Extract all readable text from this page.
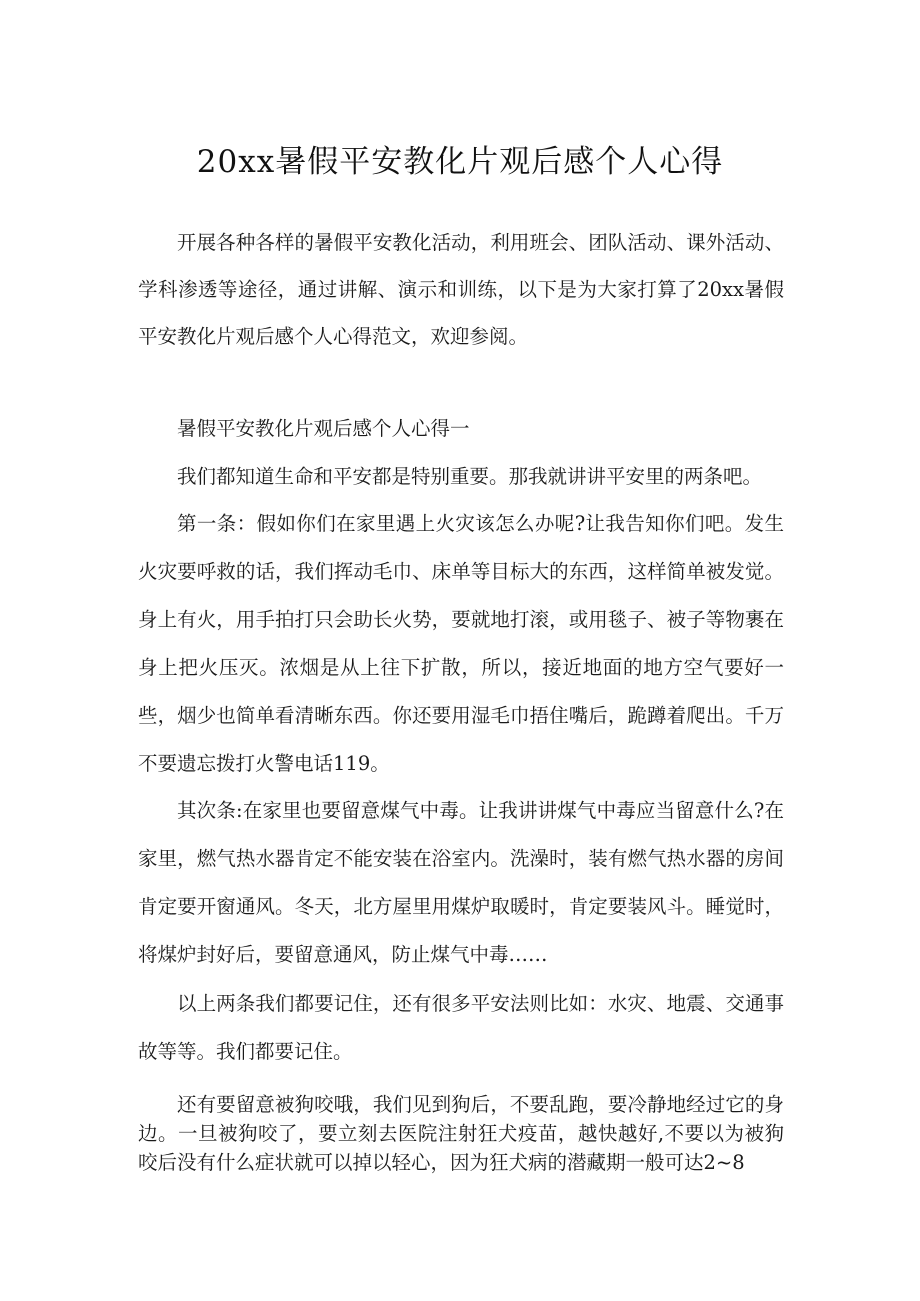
20xx暑假平安教化片观后感个人心得

开展各种各样的暑假平安教化活动，利用班会、团队活动、课外活动、学科渗透等途径，通过讲解、演示和训练，以下是为大家打算了20xx暑假平安教化片观后感个人心得范文，欢迎参阅。

暑假平安教化片观后感个人心得一

我们都知道生命和平安都是特别重要。那我就讲讲平安里的两条吧。

第一条：假如你们在家里遇上火灾该怎么办呢?让我告知你们吧。发生火灾要呼救的话，我们挥动毛巾、床单等目标大的东西，这样简单被发觉。身上有火，用手拍打只会助长火势，要就地打滚，或用毯子、被子等物裹在身上把火压灭。浓烟是从上往下扩散，所以，接近地面的地方空气要好一些，烟少也简单看清晰东西。你还要用湿毛巾捂住嘴后，跪蹲着爬出。千万不要遗忘拨打火警电话119。

其次条:在家里也要留意煤气中毒。让我讲讲煤气中毒应当留意什么?在家里，燃气热水器肯定不能安装在浴室内。洗澡时，装有燃气热水器的房间肯定要开窗通风。冬天，北方屋里用煤炉取暖时，肯定要装风斗。睡觉时，将煤炉封好后，要留意通风，防止煤气中毒……

以上两条我们都要记住，还有很多平安法则比如：水灾、地震、交通事故等等。我们都要记住。

还有要留意被狗咬哦，我们见到狗后，不要乱跑，要冷静地经过它的身边。一旦被狗咬了，要立刻去医院注射狂犬疫苗，越快越好,不要以为被狗咬后没有什么症状就可以掉以轻心，因为狂犬病的潜藏期一般可达2~8
